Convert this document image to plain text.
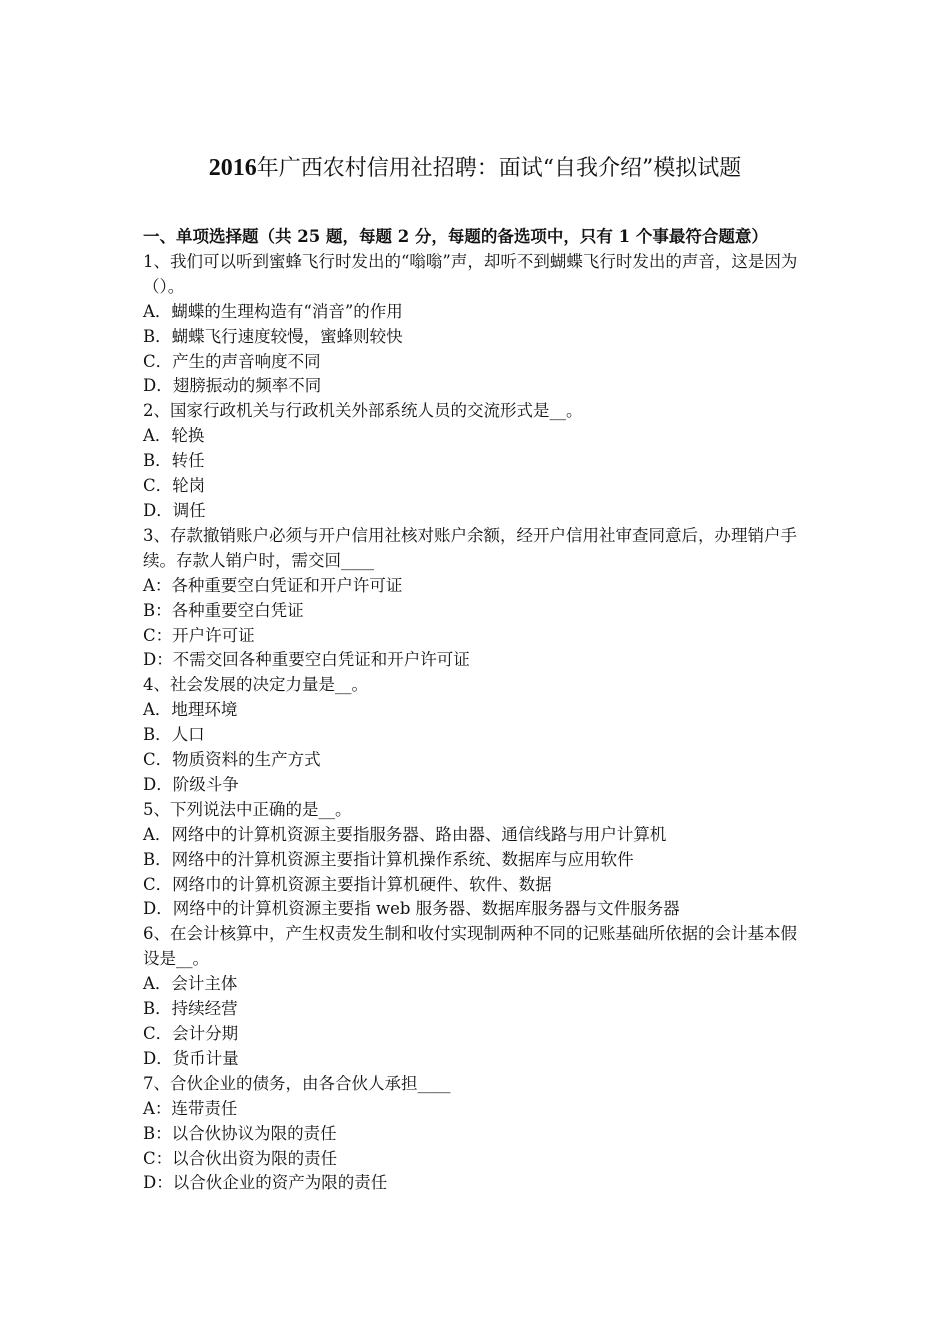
2016年广西农村信用社招聘：面试“自我介绍”模拟试题

一、单项选择题（共 25 题，每题 2 分，每题的备选项中，只有 1 个事最符合题意）

1、我们可以听到蜜蜂飞行时发出的“嗡嗡”声，却听不到蝴蝶飞行时发出的声音，这是因为（）。

A．蝴蝶的生理构造有“消音”的作用

B．蝴蝶飞行速度较慢，蜜蜂则较快

C．产生的声音响度不同

D．翅膀振动的频率不同

2、国家行政机关与行政机关外部系统人员的交流形式是__。

A．轮换

B．转任

C．轮岗

D．调任

3、存款撤销账户必须与开户信用社核对账户余额，经开户信用社审查同意后，办理销户手续。存款人销户时，需交回____

A：各种重要空白凭证和开户许可证

B：各种重要空白凭证

C：开户许可证

D：不需交回各种重要空白凭证和开户许可证

4、社会发展的决定力量是__。

A．地理环境

B．人口

C．物质资料的生产方式

D．阶级斗争

5、下列说法中正确的是__。

A．网络中的计算机资源主要指服务器、路由器、通信线路与用户计算机

B．网络中的汁算机资源主要指计算机操作系统、数据库与应用软件

C．网络巾的计算机资源主要指计算机硬件、软件、数据

D．网络中的计算机资源主要指 web 服务器、数据库服务器与文件服务器

6、在会计核算中，产生权责发生制和收付实现制两种不同的记账基础所依据的会计基本假设是__。

A．会计主体

B．持续经营

C．会计分期

D．货币计量

7、合伙企业的债务，由各合伙人承担____

A：连带责任

B：以合伙协议为限的责任

C：以合伙出资为限的责任

D：以合伙企业的资产为限的责任
